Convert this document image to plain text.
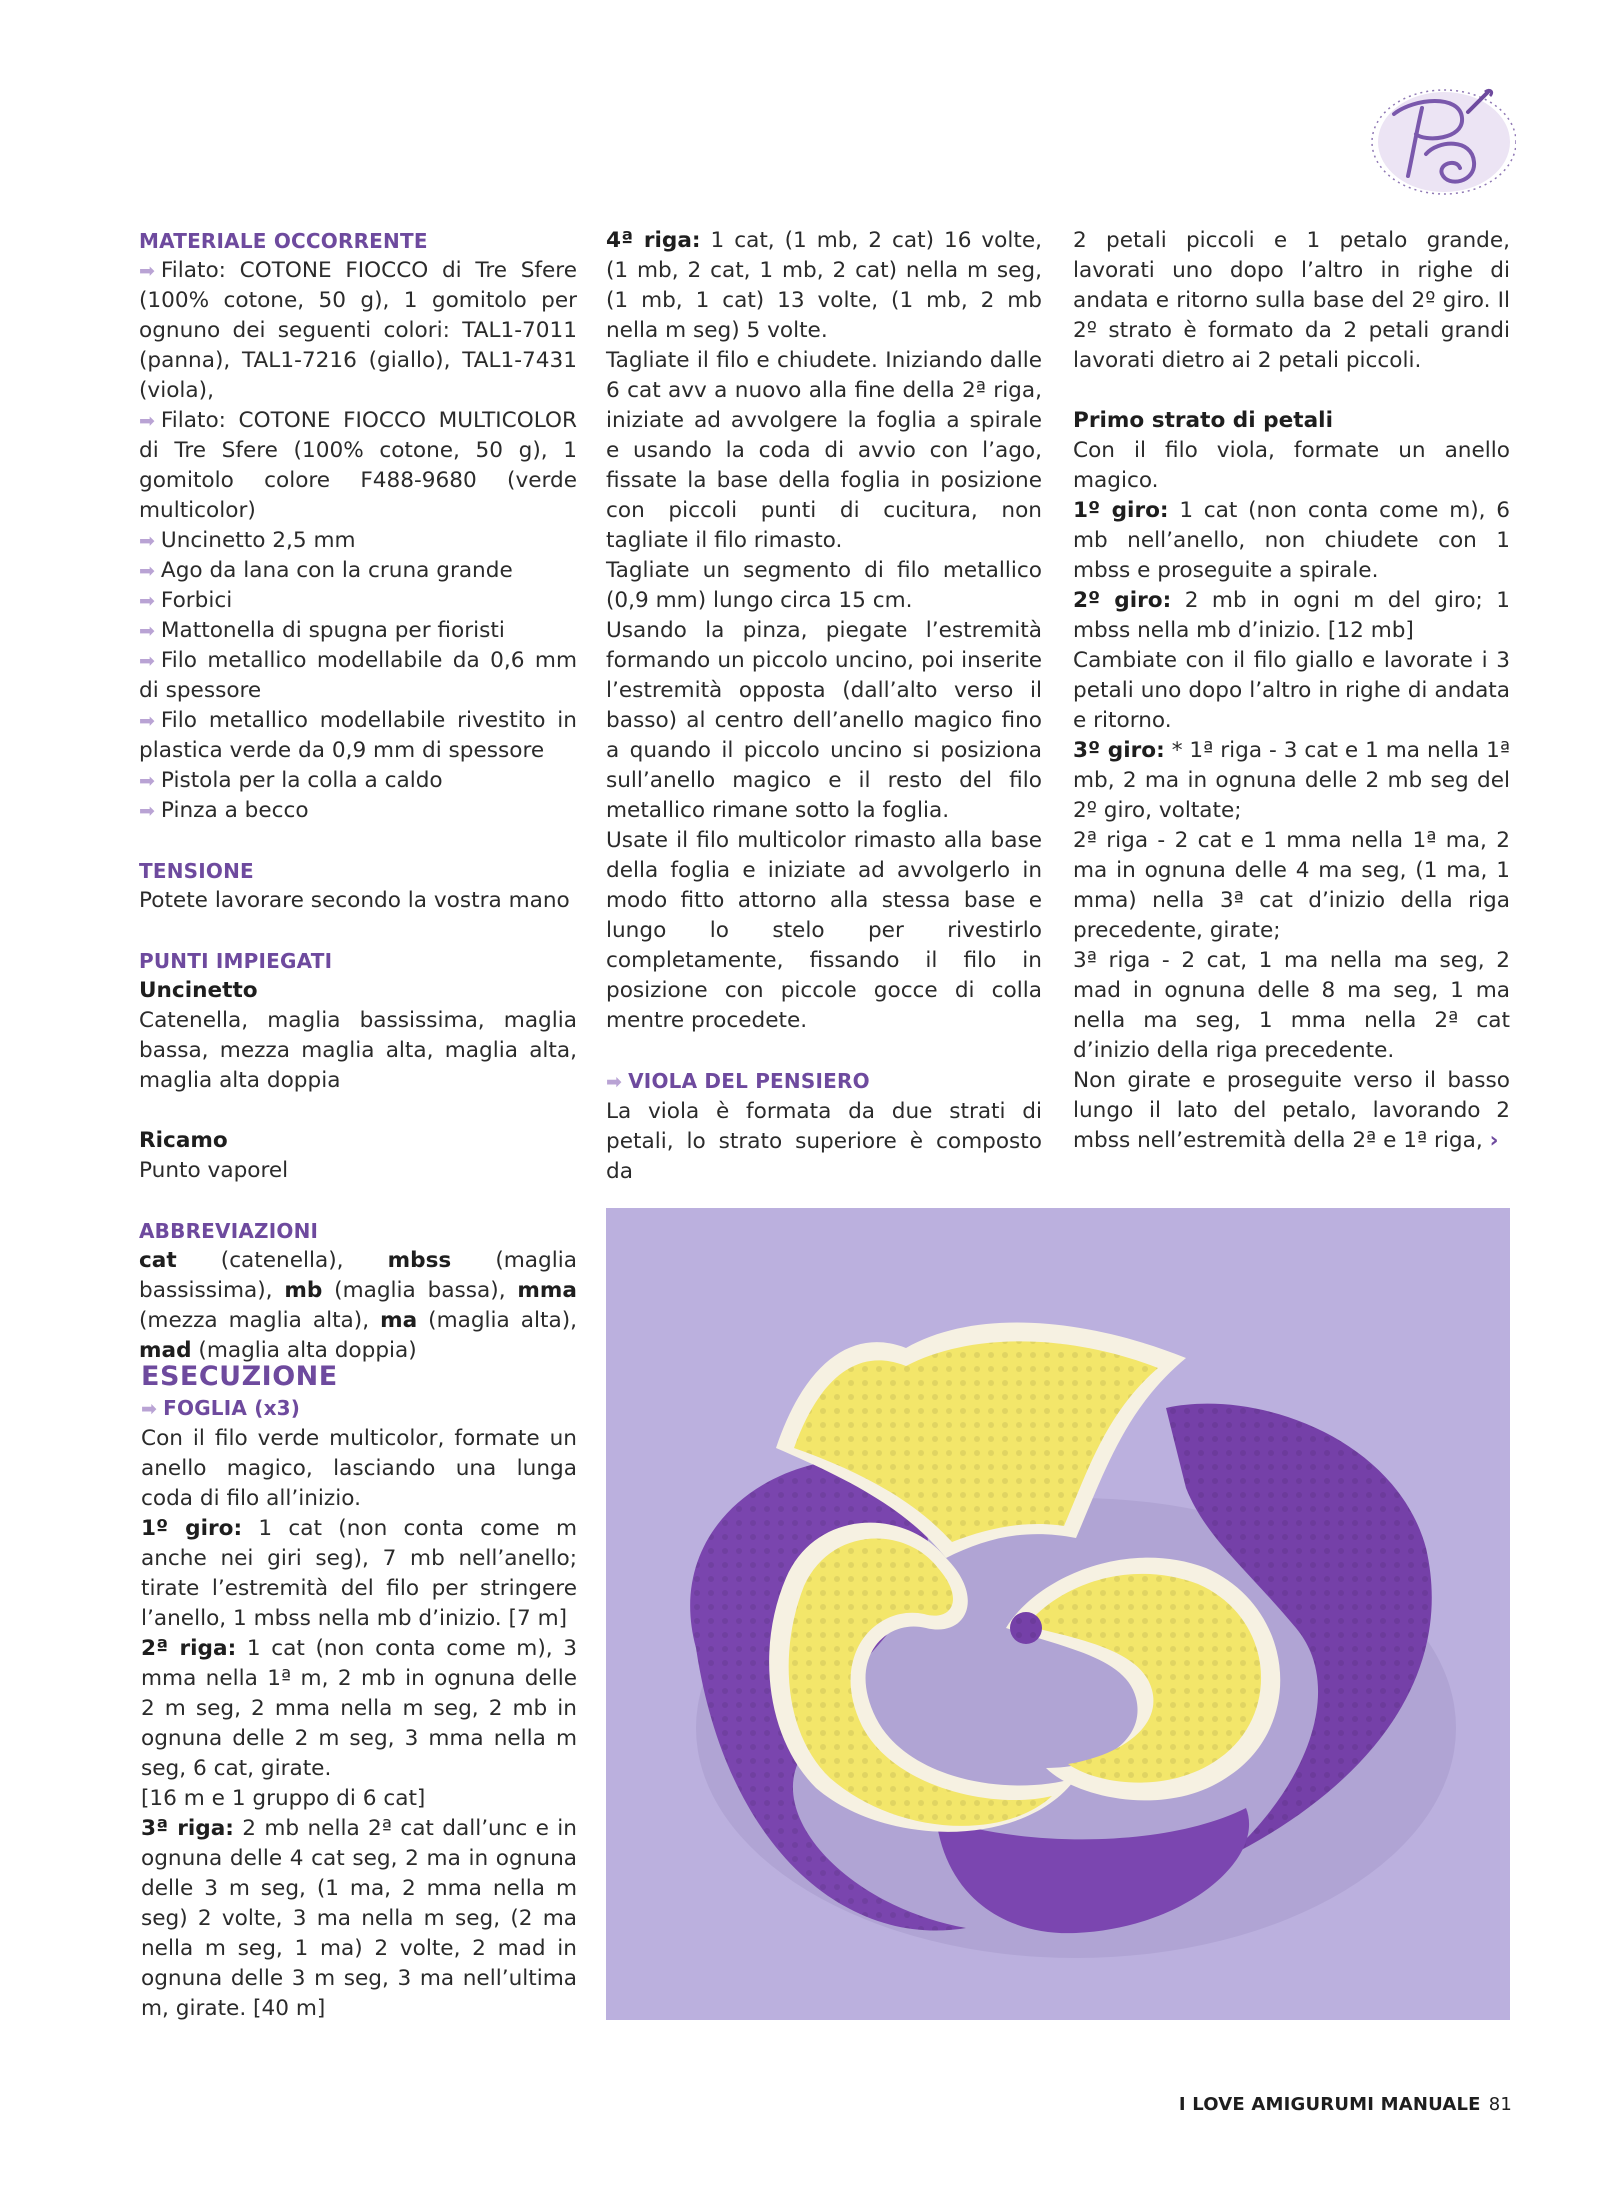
MATERIALE OCCORRENTE
➡ Filato: COTONE FIOCCO di Tre Sfere (100% cotone, 50 g), 1 gomitolo per ognuno dei seguenti colori: TAL1-7011 (panna), TAL1-7216 (giallo), TAL1-7431 (viola),
➡ Filato: COTONE FIOCCO MULTICOLOR di Tre Sfere (100% cotone, 50 g), 1 gomitolo colore F488-9680 (verde multicolor)
➡ Uncinetto 2,5 mm
➡ Ago da lana con la cruna grande
➡ Forbici
➡ Mattonella di spugna per fioristi
➡ Filo metallico modellabile da 0,6 mm di spessore
➡ Filo metallico modellabile rivestito in plastica verde da 0,9 mm di spessore
➡ Pistola per la colla a caldo
➡ Pinza a becco
TENSIONE
Potete lavorare secondo la vostra mano
PUNTI IMPIEGATI
Uncinetto
Catenella, maglia bassissima, maglia bassa, mezza maglia alta, maglia alta, maglia alta doppia
Ricamo
Punto vaporel
ABBREVIAZIONI
cat (catenella), mbss (maglia bassissima), mb (maglia bassa), mma (mezza maglia alta), ma (maglia alta), mad (maglia alta doppia)
ESECUZIONE
➡ FOGLIA (x3)
Con il filo verde multicolor, formate un anello magico, lasciando una lunga coda di filo all’inizio.
1º giro: 1 cat (non conta come m anche nei giri seg), 7 mb nell’anello; tirate l’estremità del filo per stringere l’anello, 1 mbss nella mb d’inizio. [7 m]
2ª riga: 1 cat (non conta come m), 3 mma nella 1ª m, 2 mb in ognuna delle 2 m seg, 2 mma nella m seg, 2 mb in ognuna delle 2 m seg, 3 mma nella m seg, 6 cat, girate.
[16 m e 1 gruppo di 6 cat]
3ª riga: 2 mb nella 2ª cat dall’unc e in ognuna delle 4 cat seg, 2 ma in ognuna delle 3 m seg, (1 ma, 2 mma nella m seg) 2 volte, 3 ma nella m seg, (2 ma nella m seg, 1 ma) 2 volte, 2 mad in ognuna delle 3 m seg, 3 ma nell’ultima m, girate. [40 m]
4ª riga: 1 cat, (1 mb, 2 cat) 16 volte, (1 mb, 2 cat, 1 mb, 2 cat) nella m seg, (1 mb, 1 cat) 13 volte, (1 mb, 2 mb nella m seg) 5 volte.
Tagliate il filo e chiudete. Iniziando dalle 6 cat avv a nuovo alla fine della 2ª riga, iniziate ad avvolgere la foglia a spirale e usando la coda di avvio con l’ago, fissate la base della foglia in posizione con piccoli punti di cucitura, non tagliate il filo rimasto.
Tagliate un segmento di filo metallico (0,9 mm) lungo circa 15 cm.
Usando la pinza, piegate l’estremità formando un piccolo uncino, poi inserite l’estremità opposta (dall’alto verso il basso) al centro dell’anello magico fino a quando il piccolo uncino si posiziona sull’anello magico e il resto del filo metallico rimane sotto la foglia.
Usate il filo multicolor rimasto alla base della foglia e iniziate ad avvolgerlo in modo fitto attorno alla stessa base e lungo lo stelo per rivestirlo completamente, fissando il filo in posizione con piccole gocce di colla mentre procedete.
➡ VIOLA DEL PENSIERO
La viola è formata da due strati di petali, lo strato superiore è composto da
2 petali piccoli e 1 petalo grande, lavorati uno dopo l’altro in righe di andata e ritorno sulla base del 2º giro. Il 2º strato è formato da 2 petali grandi lavorati dietro ai 2 petali piccoli.
Primo strato di petali
Con il filo viola, formate un anello magico.
1º giro: 1 cat (non conta come m), 6 mb nell’anello, non chiudete con 1 mbss e proseguite a spirale.
2º giro: 2 mb in ogni m del giro; 1 mbss nella mb d’inizio. [12 mb]
Cambiate con il filo giallo e lavorate i 3 petali uno dopo l’altro in righe di andata e ritorno.
3º giro: * 1ª riga - 3 cat e 1 ma nella 1ª mb, 2 ma in ognuna delle 2 mb seg del 2º giro, voltate;
2ª riga - 2 cat e 1 mma nella 1ª ma, 2 ma in ognuna delle 4 ma seg, (1 ma, 1 mma) nella 3ª cat d’inizio della riga precedente, girate;
3ª riga - 2 cat, 1 ma nella ma seg, 2 mad in ognuna delle 8 ma seg, 1 ma nella ma seg, 1 mma nella 2ª cat d’inizio della riga precedente.
Non girate e proseguite verso il basso lungo il lato del petalo, lavorando 2 mbss nell’estremità della 2ª e 1ª riga, ›
I LOVE AMIGURUMI MANUALE 81
